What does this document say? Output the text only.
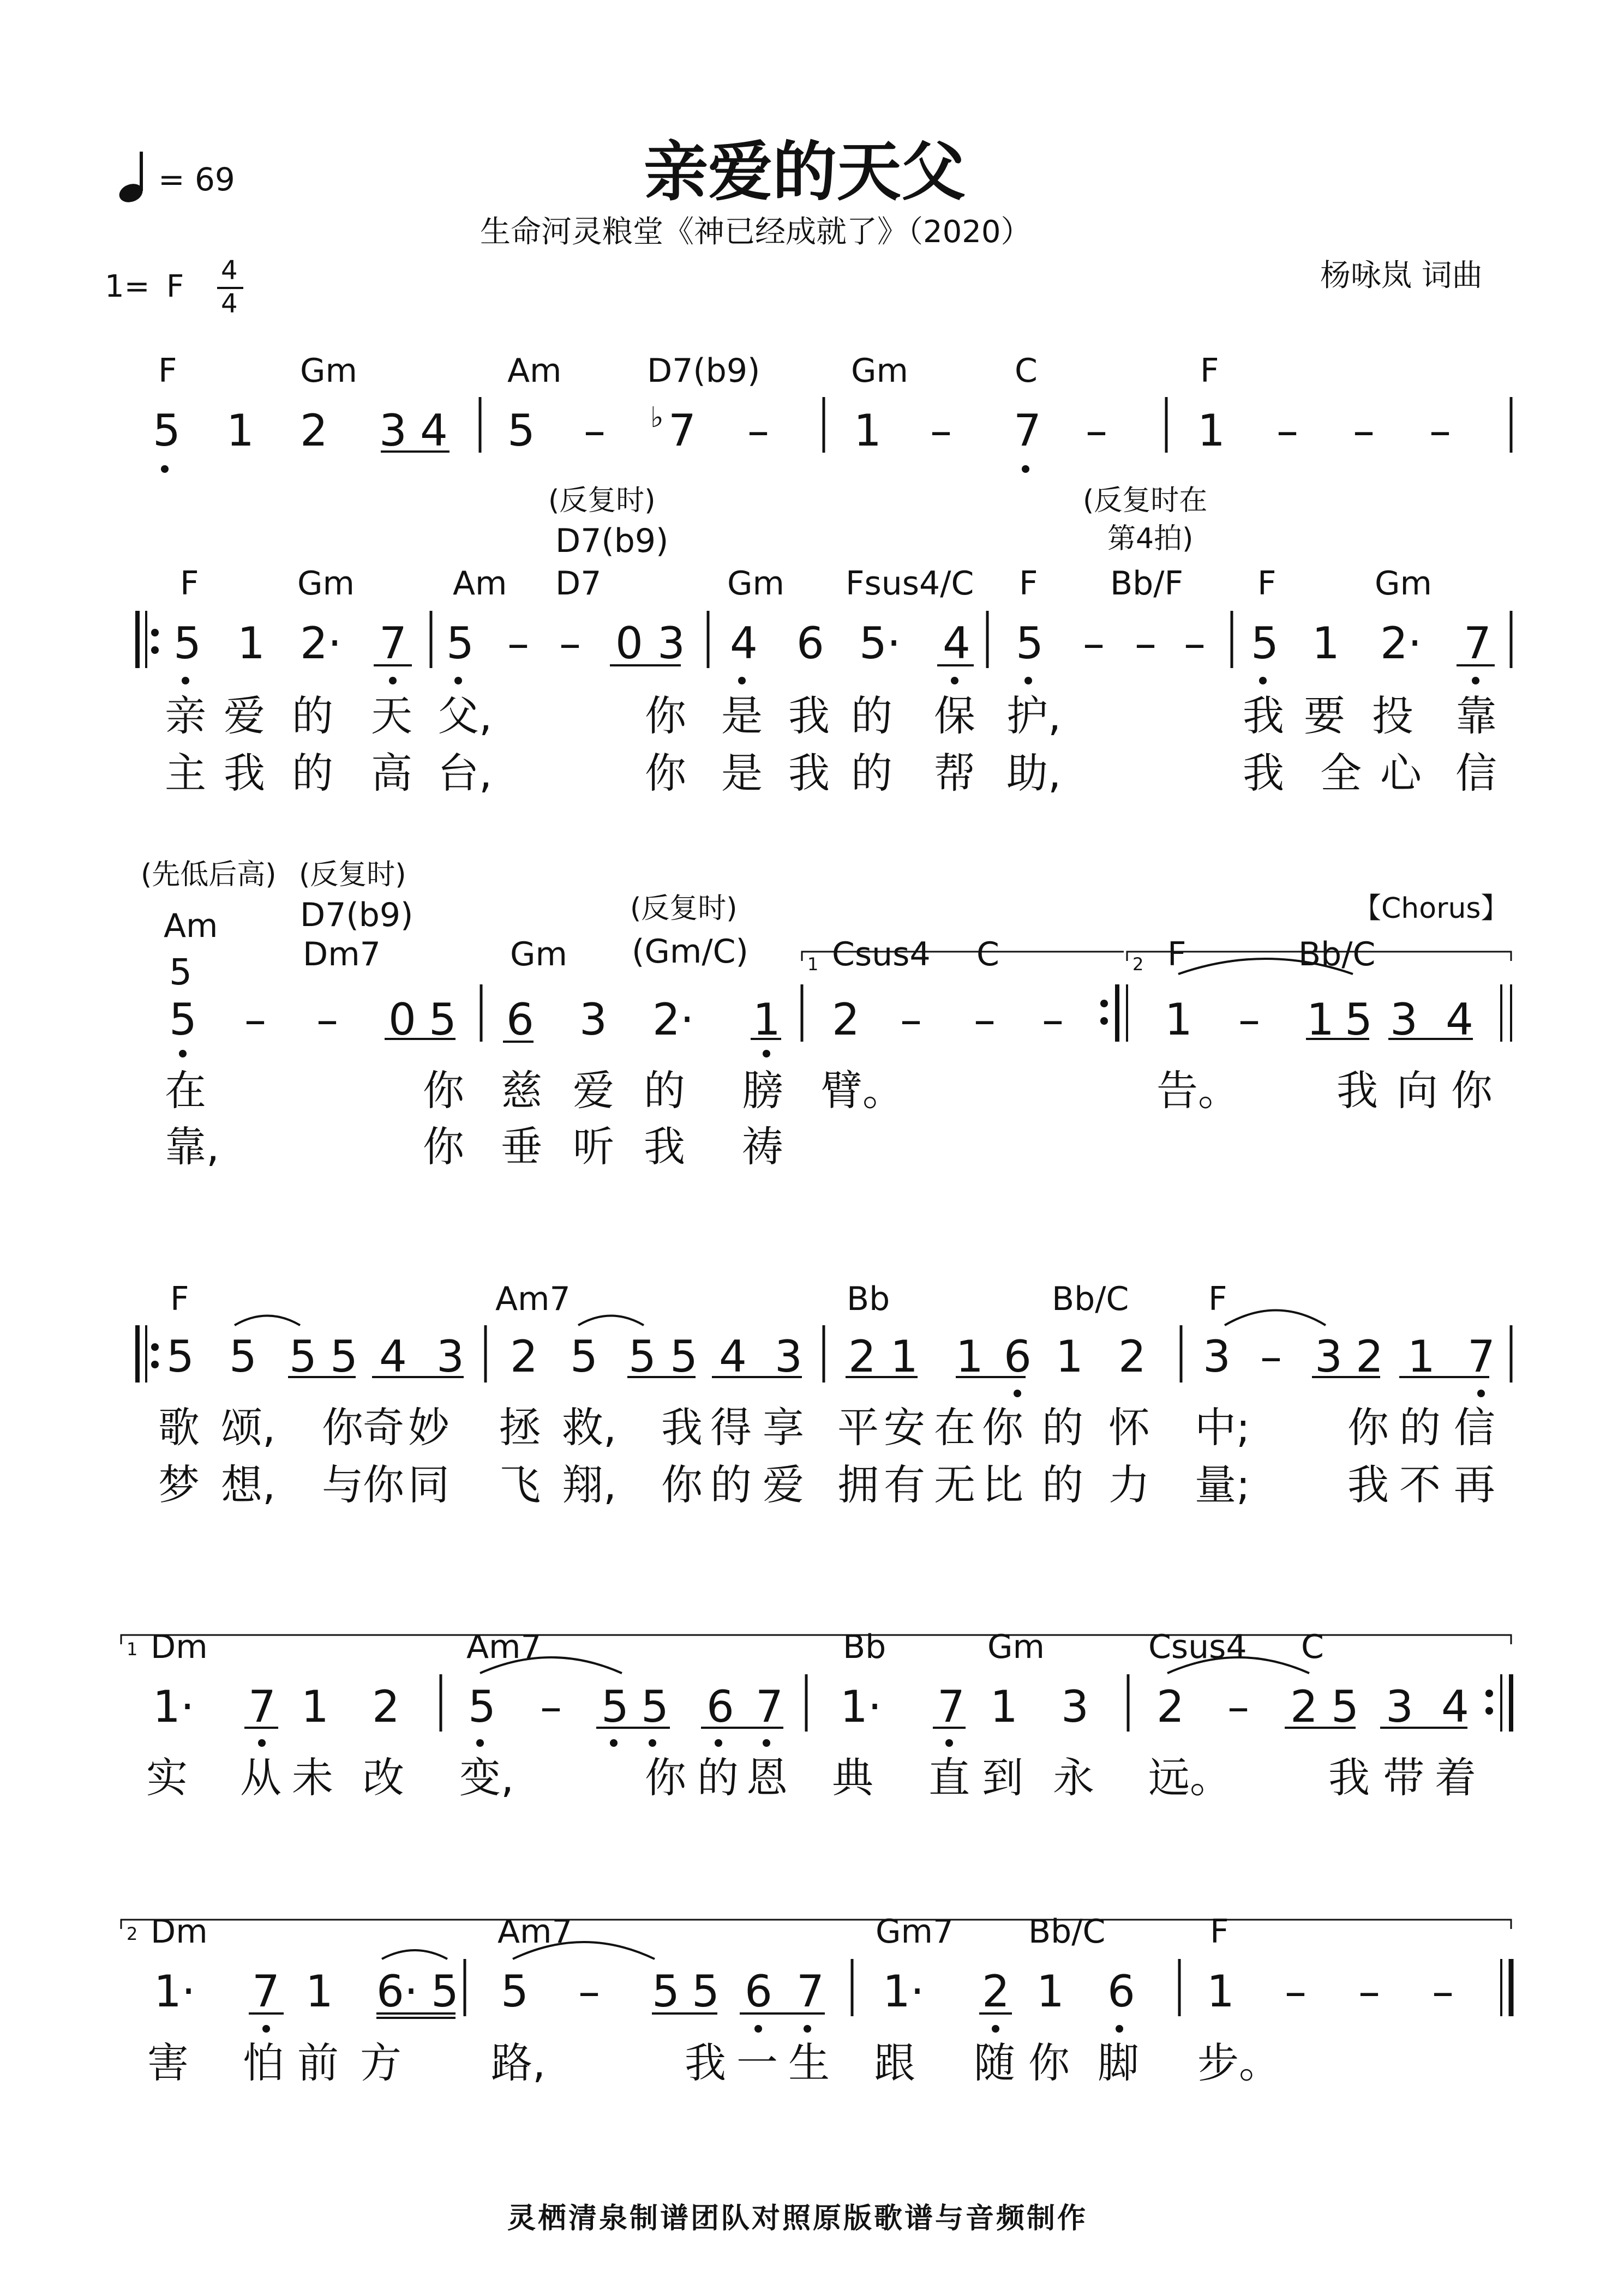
= 69	亲爱的天父
生命河灵粮堂《神已经成就了》（2020）
1= F 4
4
杨咏岚 词曲
F	Gm	Am	D7(b9)	Gm	C	F
5 1 2 3 4 5 – ♭ 7 – 1 – 7 – 1 – – –
(反复时)
D7(b9)
(反复时在
第4拍)
F	Gm	Am D7	Gm Fsus4/C F Bb/F F	Gm
5 1 2· 7 5 – – 0 3 4 6 5· 4 5 – – – 5 1 2· 7
亲 爱 的 天 父,	你 是 我 的 保 护,	我 要 投 靠
主 我 的 高 台,	你 是 我 的 帮 助,	我 全 心 信
(先低后高) (反复时)
D7(b9)	(反复时)
(Gm/C)
【Chorus】
1	2
Am
Dm7	Gm	Csus4 C	F	Bb/C
5
5 – – 0 5 6 3 2· 1 2 – – – 1 – 1 5 3 4
在	你 慈 爱 的 膀 臂。	告。 我 向 你
靠,	你 垂 听 我 祷
F	Am7	Bb	Bb/C F
5 5 5 5 4 3 2 5 5 5 4 3 2 1 1 6 1 2 3 – 3 2 1 7
歌 颂, 你 奇 妙 拯 救, 我 得 享 平 安 在 你 的 怀 中; 你 的 信
梦 想, 与 你 同 飞 翔, 你 的 爱 拥 有 无 比 的 力 量; 我 不 再
1 Dm	Am7	Bb	Gm	Csus4 C
1· 7 1 2 5 – 5 5 6 7 1· 7 1 3 2 – 2 5 3 4
实 从 未 改 变,	你 的 恩 典 直 到 永 远。 我 带 着
2 Dm	Am7	Gm7 Bb/C	F
1· 7 1 6· 5 5 – 5 5 6 7 1· 2 1 6 1 – – –
害 怕 前 方 路,	我 一 生 跟 随 你 脚 步。
灵栖清泉制谱团队对照原版歌谱与音频制作
